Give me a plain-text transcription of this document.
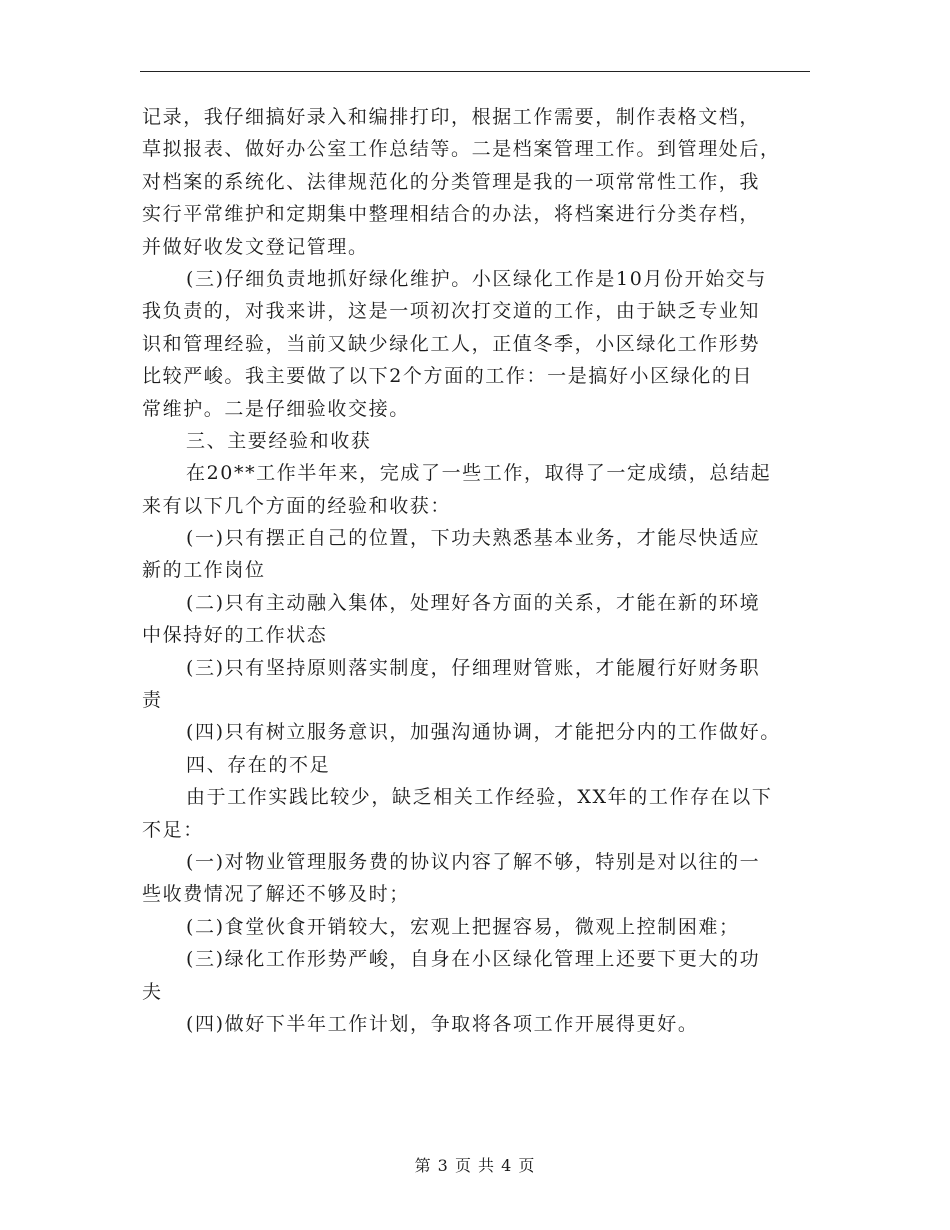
记录，我仔细搞好录入和编排打印，根据工作需要，制作表格文档，
草拟报表、做好办公室工作总结等。二是档案管理工作。到管理处后，
对档案的系统化、法律规范化的分类管理是我的一项常常性工作，我
实行平常维护和定期集中整理相结合的办法，将档案进行分类存档，
并做好收发文登记管理。
(三)仔细负责地抓好绿化维护。小区绿化工作是10月份开始交与
我负责的，对我来讲，这是一项初次打交道的工作，由于缺乏专业知
识和管理经验，当前又缺少绿化工人，正值冬季，小区绿化工作形势
比较严峻。我主要做了以下2个方面的工作：一是搞好小区绿化的日
常维护。二是仔细验收交接。
三、主要经验和收获
在20**工作半年来，完成了一些工作，取得了一定成绩，总结起
来有以下几个方面的经验和收获：
(一)只有摆正自己的位置，下功夫熟悉基本业务，才能尽快适应
新的工作岗位
(二)只有主动融入集体，处理好各方面的关系，才能在新的环境
中保持好的工作状态
(三)只有坚持原则落实制度，仔细理财管账，才能履行好财务职
责
(四)只有树立服务意识，加强沟通协调，才能把分内的工作做好。
四、存在的不足
由于工作实践比较少，缺乏相关工作经验，XX年的工作存在以下
不足：
(一)对物业管理服务费的协议内容了解不够，特别是对以往的一
些收费情况了解还不够及时；
(二)食堂伙食开销较大，宏观上把握容易，微观上控制困难；
(三)绿化工作形势严峻，自身在小区绿化管理上还要下更大的功
夫
(四)做好下半年工作计划，争取将各项工作开展得更好。
第 3 页 共 4 页
